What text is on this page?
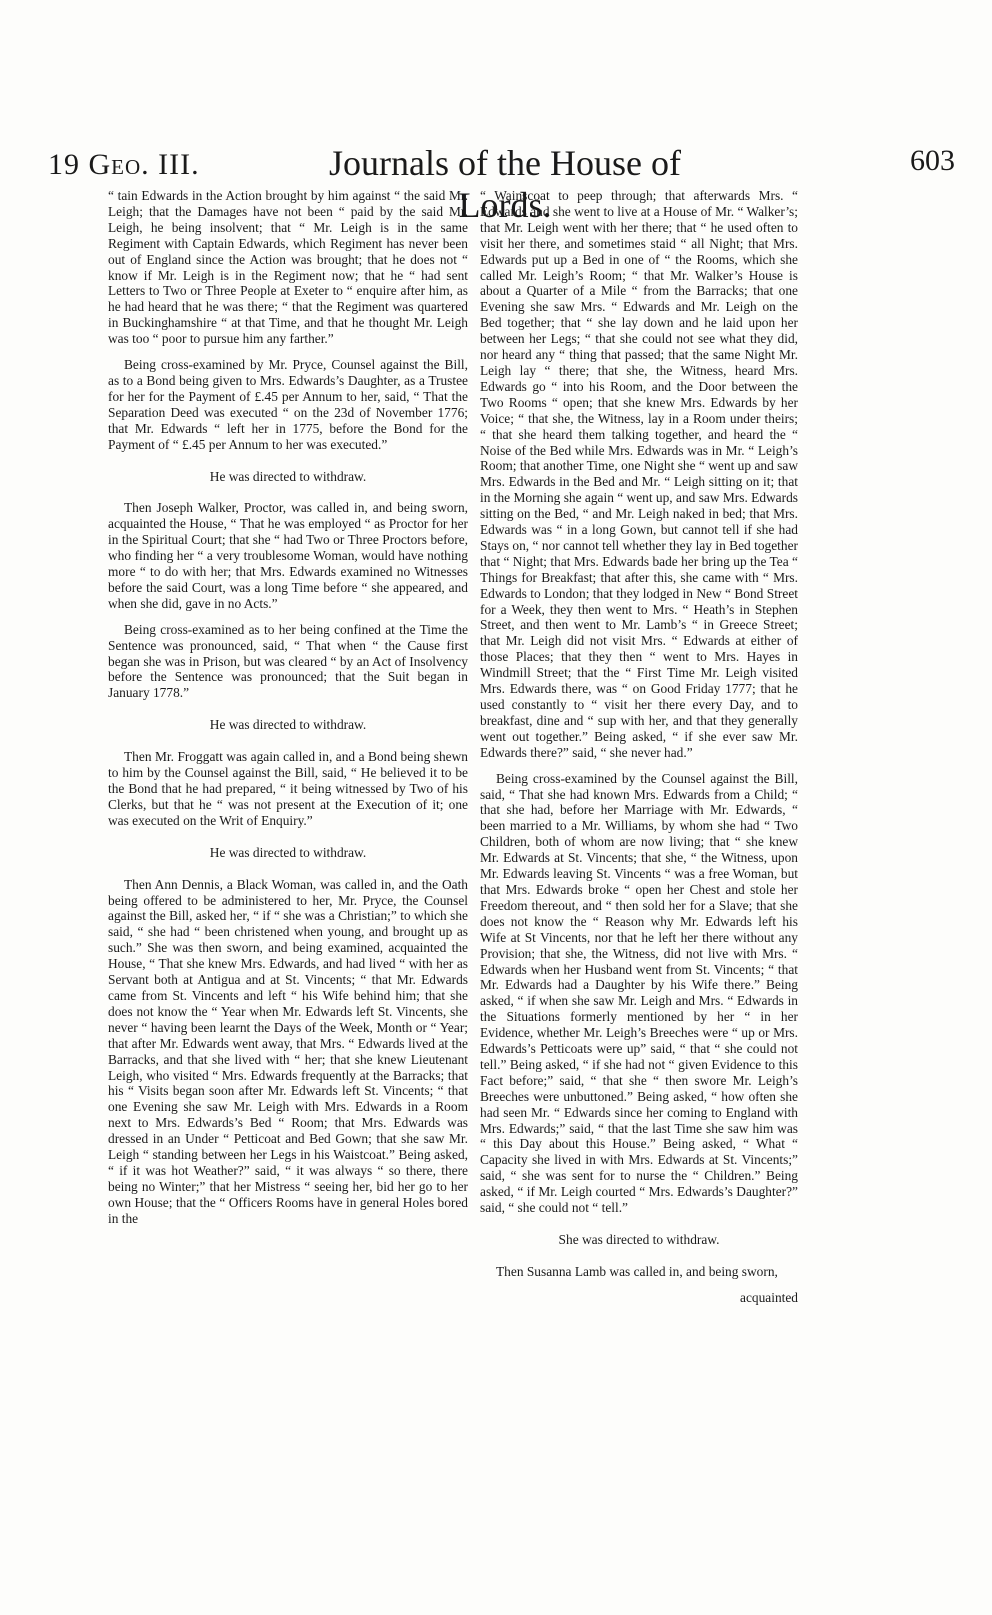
19 Geo. III.	Journals of the House of Lords.
603

“ tain Edwards in the Action brought by him against “ the said Mr. Leigh; that the Damages have not been “ paid by the said Mr. Leigh, he being insolvent; that “ Mr. Leigh is in the same Regiment with Captain Edwards, which Regiment has never been out of England since the Action was brought; that he does not “ know if Mr. Leigh is in the Regiment now; that he “ had sent Letters to Two or Three People at Exeter to “ enquire after him, as he had heard that he was there; “ that the Regiment was quartered in Buckinghamshire “ at that Time, and that he thought Mr. Leigh was too “ poor to pursue him any farther.”

Being cross-examined by Mr. Pryce, Counsel against the Bill, as to a Bond being given to Mrs. Edwards’s Daughter, as a Trustee for her for the Payment of £.45 per Annum to her, said, “ That the Separation Deed was executed “ on the 23d of November 1776; that Mr. Edwards “ left her in 1775, before the Bond for the Payment of “ £.45 per Annum to her was executed.”

He was directed to withdraw.

Then Joseph Walker, Proctor, was called in, and being sworn, acquainted the House, “ That he was employed “ as Proctor for her in the Spiritual Court; that she “ had Two or Three Proctors before, who finding her “ a very troublesome Woman, would have nothing more “ to do with her; that Mrs. Edwards examined no Witnesses before the said Court, was a long Time before “ she appeared, and when she did, gave in no Acts.”

Being cross-examined as to her being confined at the Time the Sentence was pronounced, said, “ That when “ the Cause first began she was in Prison, but was cleared “ by an Act of Insolvency before the Sentence was pronounced; that the Suit began in January 1778.”

He was directed to withdraw.

Then Mr. Froggatt was again called in, and a Bond being shewn to him by the Counsel against the Bill, said, “ He believed it to be the Bond that he had prepared, “ it being witnessed by Two of his Clerks, but that he “ was not present at the Execution of it; one was executed on the Writ of Enquiry.”

He was directed to withdraw.

Then Ann Dennis, a Black Woman, was called in, and the Oath being offered to be administered to her, Mr. Pryce, the Counsel against the Bill, asked her, “ if “ she was a Christian;” to which she said, “ she had “ been christened when young, and brought up as such.” She was then sworn, and being examined, acquainted the House, “ That she knew Mrs. Edwards, and had lived “ with her as Servant both at Antigua and at St. Vincents; “ that Mr. Edwards came from St. Vincents and left “ his Wife behind him; that she does not know the “ Year when Mr. Edwards left St. Vincents, she never “ having been learnt the Days of the Week, Month or “ Year; that after Mr. Edwards went away, that Mrs. “ Edwards lived at the Barracks, and that she lived with “ her; that she knew Lieutenant Leigh, who visited “ Mrs. Edwards frequently at the Barracks; that his “ Visits began soon after Mr. Edwards left St. Vincents; “ that one Evening she saw Mr. Leigh with Mrs. Edwards in a Room next to Mrs. Edwards’s Bed “ Room; that Mrs. Edwards was dressed in an Under “ Petticoat and Bed Gown; that she saw Mr. Leigh “ standing between her Legs in his Waistcoat.” Being asked, “ if it was hot Weather?” said, “ it was always “ so there, there being no Winter;” that her Mistress “ seeing her, bid her go to her own House; that the “ Officers Rooms have in general Holes bored in the

“ Wainscoat to peep through; that afterwards Mrs. “ Edwards and she went to live at a House of Mr. “ Walker’s; that Mr. Leigh went with her there; that “ he used often to visit her there, and sometimes staid “ all Night; that Mrs. Edwards put up a Bed in one of “ the Rooms, which she called Mr. Leigh’s Room; “ that Mr. Walker’s House is about a Quarter of a Mile “ from the Barracks; that one Evening she saw Mrs. “ Edwards and Mr. Leigh on the Bed together; that “ she lay down and he laid upon her between her Legs; “ that she could not see what they did, nor heard any “ thing that passed; that the same Night Mr. Leigh lay “ there; that she, the Witness, heard Mrs. Edwards go “ into his Room, and the Door between the Two Rooms “ open; that she knew Mrs. Edwards by her Voice; “ that she, the Witness, lay in a Room under theirs; “ that she heard them talking together, and heard the “ Noise of the Bed while Mrs. Edwards was in Mr. “ Leigh’s Room; that another Time, one Night she “ went up and saw Mrs. Edwards in the Bed and Mr. “ Leigh sitting on it; that in the Morning she again “ went up, and saw Mrs. Edwards sitting on the Bed, “ and Mr. Leigh naked in bed; that Mrs. Edwards was “ in a long Gown, but cannot tell if she had Stays on, “ nor cannot tell whether they lay in Bed together that “ Night; that Mrs. Edwards bade her bring up the Tea “ Things for Breakfast; that after this, she came with “ Mrs. Edwards to London; that they lodged in New “ Bond Street for a Week, they then went to Mrs. “ Heath’s in Stephen Street, and then went to Mr. Lamb’s “ in Greece Street; that Mr. Leigh did not visit Mrs. “ Edwards at either of those Places; that they then “ went to Mrs. Hayes in Windmill Street; that the “ First Time Mr. Leigh visited Mrs. Edwards there, was “ on Good Friday 1777; that he used constantly to “ visit her there every Day, and to breakfast, dine and “ sup with her, and that they generally went out together.” Being asked, “ if she ever saw Mr. Edwards there?” said, “ she never had.”

Being cross-examined by the Counsel against the Bill, said, “ That she had known Mrs. Edwards from a Child; “ that she had, before her Marriage with Mr. Edwards, “ been married to a Mr. Williams, by whom she had “ Two Children, both of whom are now living; that “ she knew Mr. Edwards at St. Vincents; that she, “ the Witness, upon Mr. Edwards leaving St. Vincents “ was a free Woman, but that Mrs. Edwards broke “ open her Chest and stole her Freedom thereout, and “ then sold her for a Slave; that she does not know the “ Reason why Mr. Edwards left his Wife at St Vincents, nor that he left her there without any Provision; that she, the Witness, did not live with Mrs. “ Edwards when her Husband went from St. Vincents; “ that Mr. Edwards had a Daughter by his Wife there.” Being asked, “ if when she saw Mr. Leigh and Mrs. “ Edwards in the Situations formerly mentioned by her “ in her Evidence, whether Mr. Leigh’s Breeches were “ up or Mrs. Edwards’s Petticoats were up” said, “ that “ she could not tell.” Being asked, “ if she had not “ given Evidence to this Fact before;” said, “ that she “ then swore Mr. Leigh’s Breeches were unbuttoned.” Being asked, “ how often she had seen Mr. “ Edwards since her coming to England with Mrs. Edwards;” said, “ that the last Time she saw him was “ this Day about this House.” Being asked, “ What “ Capacity she lived in with Mrs. Edwards at St. Vincents;” said, “ she was sent for to nurse the “ Children.” Being asked, “ if Mr. Leigh courted “ Mrs. Edwards’s Daughter?” said, “ she could not “ tell.”

She was directed to withdraw.

Then Susanna Lamb was called in, and being sworn,

acquainted
